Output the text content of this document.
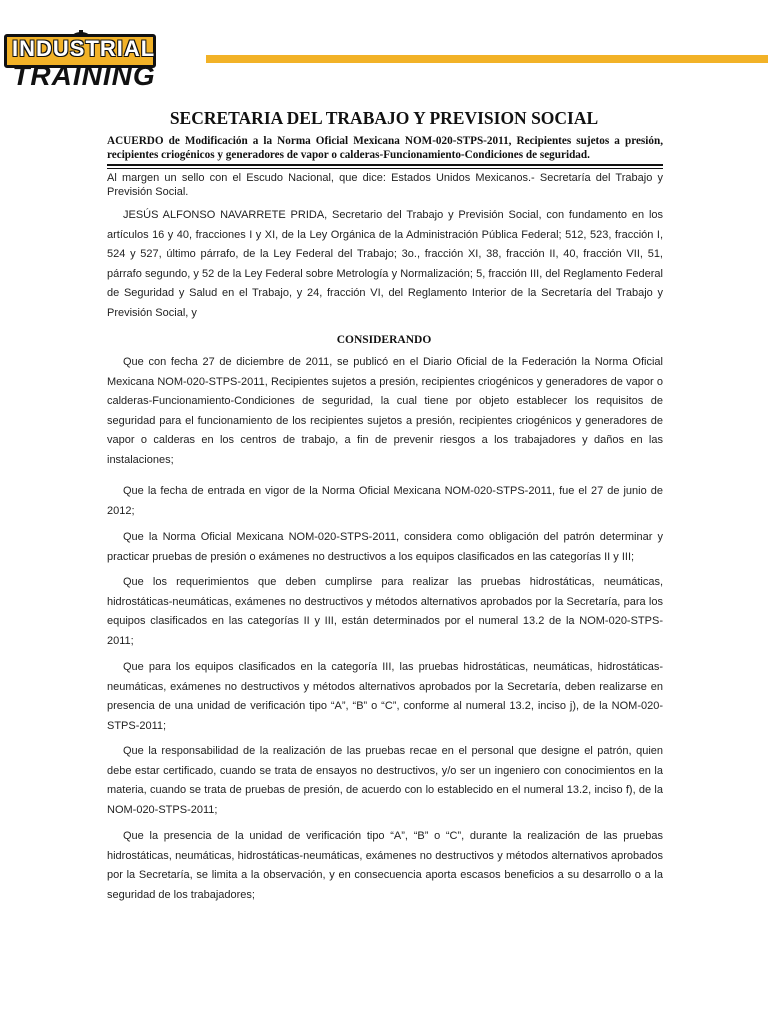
INDUSTRIAL
TRAINING
SECRETARIA DEL TRABAJO Y PREVISION SOCIAL
ACUERDO de Modificación a la Norma Oficial Mexicana NOM-020-STPS-2011, Recipientes sujetos a presión, recipientes criogénicos y generadores de vapor o calderas-Funcionamiento-Condiciones de seguridad.
Al margen un sello con el Escudo Nacional, que dice: Estados Unidos Mexicanos.- Secretaría del Trabajo y Previsión Social.
JESÚS ALFONSO NAVARRETE PRIDA, Secretario del Trabajo y Previsión Social, con fundamento en los artículos 16 y 40, fracciones I y XI, de la Ley Orgánica de la Administración Pública Federal; 512, 523, fracción I, 524 y 527, último párrafo, de la Ley Federal del Trabajo; 3o., fracción XI, 38, fracción II, 40, fracción VII, 51, párrafo segundo, y 52 de la Ley Federal sobre Metrología y Normalización; 5, fracción III, del Reglamento Federal de Seguridad y Salud en el Trabajo, y 24, fracción VI, del Reglamento Interior de la Secretaría del Trabajo y Previsión Social, y
CONSIDERANDO
Que con fecha 27 de diciembre de 2011, se publicó en el Diario Oficial de la Federación la Norma Oficial Mexicana NOM-020-STPS-2011, Recipientes sujetos a presión, recipientes criogénicos y generadores de vapor o calderas-Funcionamiento-Condiciones de seguridad, la cual tiene por objeto establecer los requisitos de seguridad para el funcionamiento de los recipientes sujetos a presión, recipientes criogénicos y generadores de vapor o calderas en los centros de trabajo, a fin de prevenir riesgos a los trabajadores y daños en las instalaciones;
Que la fecha de entrada en vigor de la Norma Oficial Mexicana NOM-020-STPS-2011, fue el 27 de junio de 2012;
Que la Norma Oficial Mexicana NOM-020-STPS-2011, considera como obligación del patrón determinar y practicar pruebas de presión o exámenes no destructivos a los equipos clasificados en las categorías II y III;
Que los requerimientos que deben cumplirse para realizar las pruebas hidrostáticas, neumáticas, hidrostáticas-neumáticas, exámenes no destructivos y métodos alternativos aprobados por la Secretaría, para los equipos clasificados en las categorías II y III, están determinados por el numeral 13.2 de la NOM-020-STPS-2011;
Que para los equipos clasificados en la categoría III, las pruebas hidrostáticas, neumáticas, hidrostáticas-neumáticas, exámenes no destructivos y métodos alternativos aprobados por la Secretaría, deben realizarse en presencia de una unidad de verificación tipo “A”, “B” o “C”, conforme al numeral 13.2, inciso j), de la NOM-020-STPS-2011;
Que la responsabilidad de la realización de las pruebas recae en el personal que designe el patrón, quien debe estar certificado, cuando se trata de ensayos no destructivos, y/o ser un ingeniero con conocimientos en la materia, cuando se trata de pruebas de presión, de acuerdo con lo establecido en el numeral 13.2, inciso f), de la NOM-020-STPS-2011;
Que la presencia de la unidad de verificación tipo “A”, “B” o “C”, durante la realización de las pruebas hidrostáticas, neumáticas, hidrostáticas-neumáticas, exámenes no destructivos y métodos alternativos aprobados por la Secretaría, se limita a la observación, y en consecuencia aporta escasos beneficios a su desarrollo o a la seguridad de los trabajadores;
